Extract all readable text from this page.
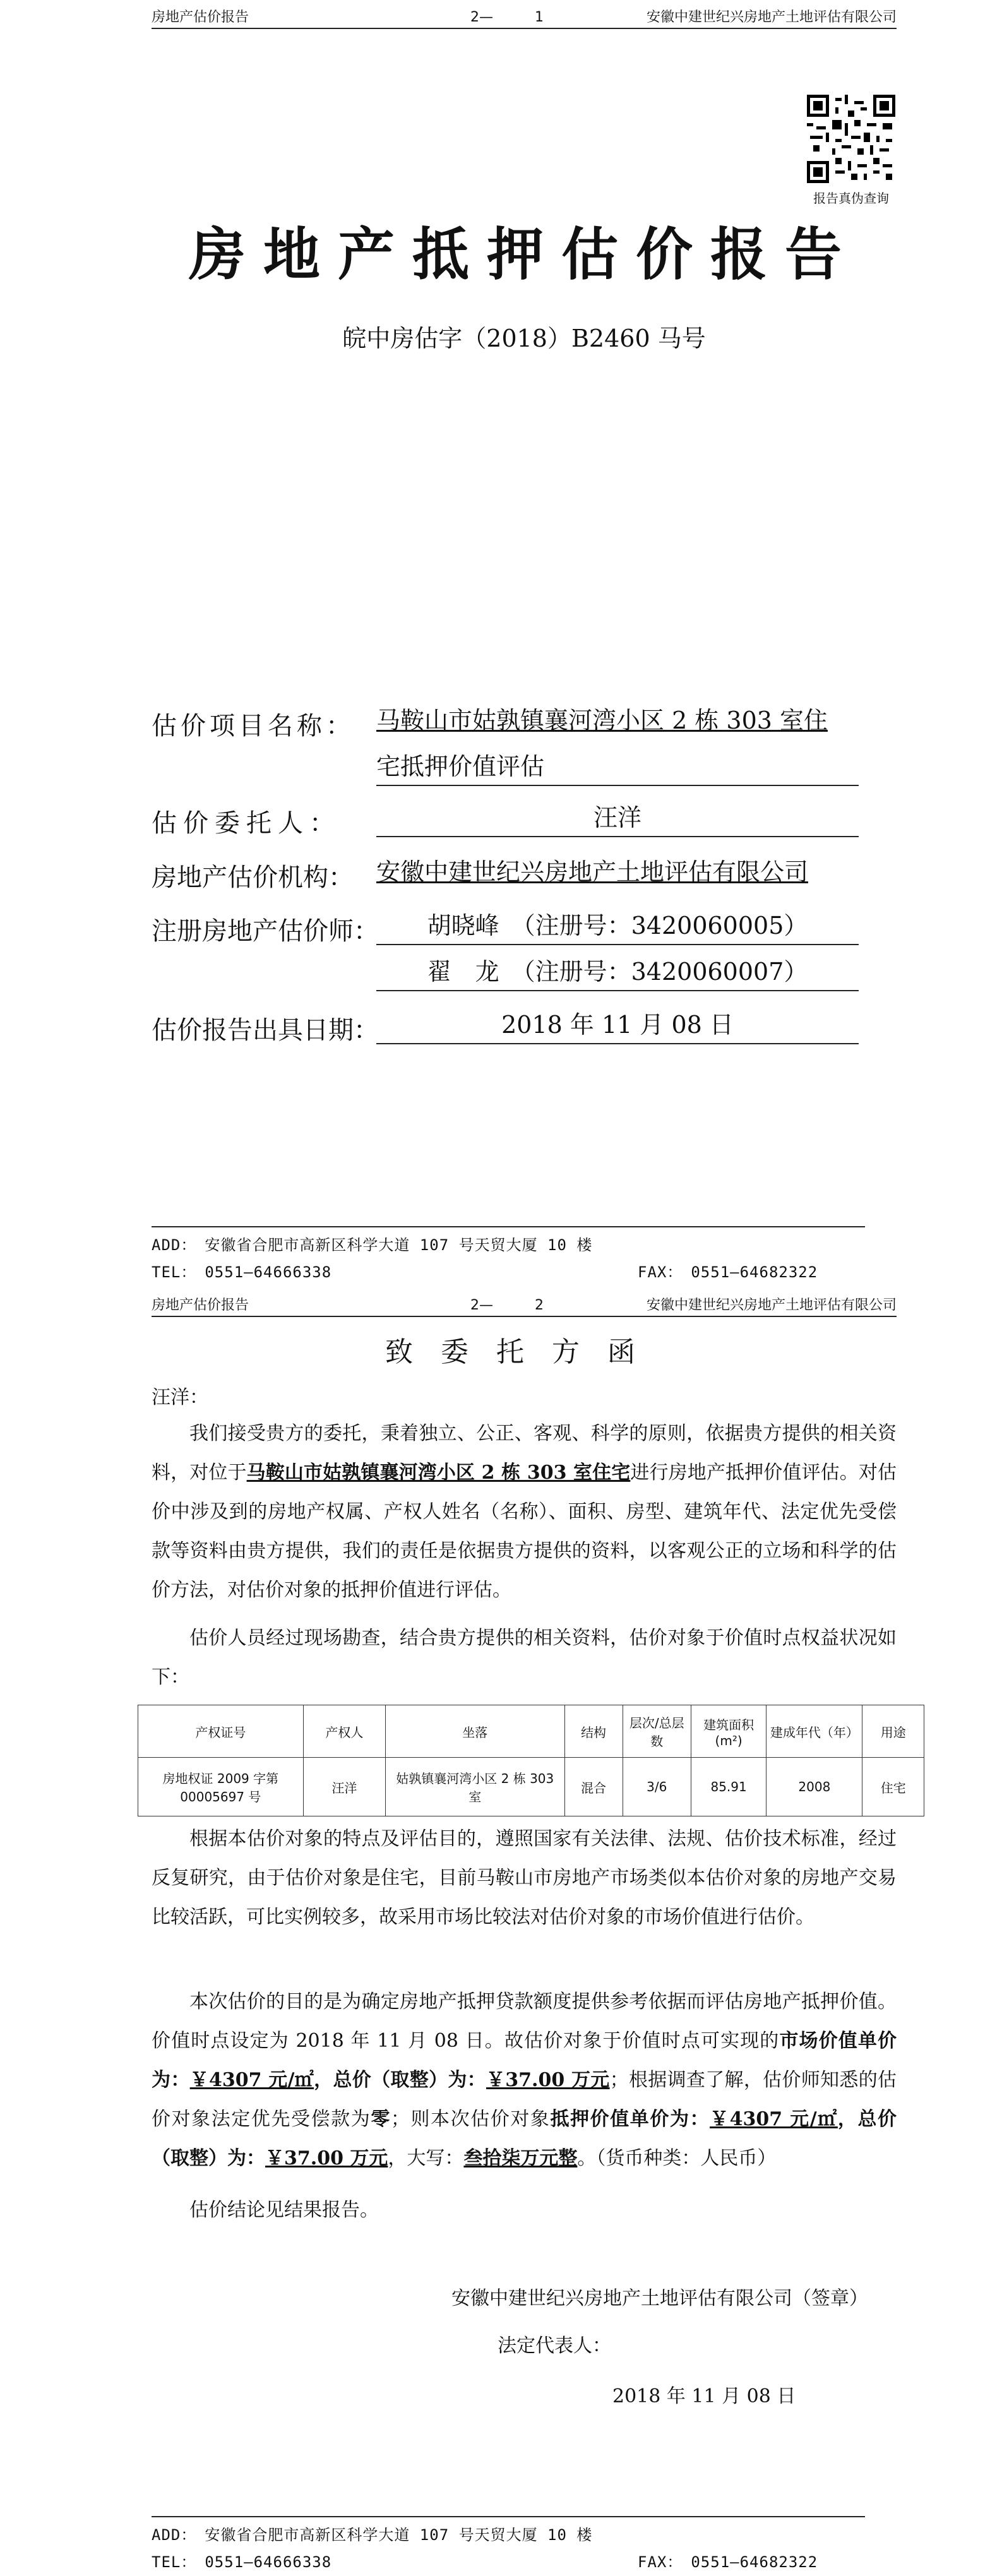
房地产估价报告	2—　　　1	安徽中建世纪兴房地产土地评估有限公司
报告真伪查询
房地产抵押估价报告
皖中房估字（2018）B2460 马号
估价项目名称： 马鞍山市姑孰镇襄河湾小区 2 栋 303 室住
宅抵押价值评估
估价委托人：	汪洋
房地产估价机构： 安徽中建世纪兴房地产土地评估有限公司
注册房地产估价师：	胡晓峰　（注册号：3420060005）
翟　龙　（注册号：3420060007）
估价报告出具日期：	2018 年 11 月 08 日
ADD：　安徽省合肥市高新区科学大道 107 号天贸大厦 10 楼
TEL：　0551—64666338	FAX：　0551—64682322
房地产估价报告	2—　　　2	安徽中建世纪兴房地产土地评估有限公司
致委托方函
汪洋：
我们接受贵方的委托，秉着独立、公正、客观、科学的原则，依据贵方提供的相关资料，对位于马鞍山市姑孰镇襄河湾小区 2 栋 303 室住宅进行房地产抵押价值评估。对估价中涉及到的房地产权属、产权人姓名（名称）、面积、房型、建筑年代、法定优先受偿款等资料由贵方提供，我们的责任是依据贵方提供的资料，以客观公正的立场和科学的估价方法，对估价对象的抵押价值进行评估。
估价人员经过现场勘查，结合贵方提供的相关资料，估价对象于价值时点权益状况如下：
产权证号	产权人	坐落	结构	层次/总层数	建筑面积(m²)	建成年代（年）	用途
房地权证 2009 字第 00005697 号	汪洋	姑孰镇襄河湾小区 2 栋 303 室	混合	3/6	85.91	2008	住宅
根据本估价对象的特点及评估目的，遵照国家有关法律、法规、估价技术标准，经过反复研究，由于估价对象是住宅，目前马鞍山市房地产市场类似本估价对象的房地产交易比较活跃，可比实例较多，故采用市场比较法对估价对象的市场价值进行估价。
本次估价的目的是为确定房地产抵押贷款额度提供参考依据而评估房地产抵押价值。价值时点设定为 2018 年 11 月 08 日。故估价对象于价值时点可实现的市场价值单价为：￥4307 元/㎡，总价（取整）为：￥37.00 万元；根据调查了解，估价师知悉的估价对象法定优先受偿款为零；则本次估价对象抵押价值单价为：￥4307 元/㎡，总价（取整）为：￥37.00 万元，大写：叁拾柒万元整。（货币种类：人民币）
估价结论见结果报告。
安徽中建世纪兴房地产土地评估有限公司（签章）
法定代表人：
2018 年 11 月 08 日
ADD：　安徽省合肥市高新区科学大道 107 号天贸大厦 10 楼
TEL：　0551—64666338	FAX：　0551—64682322
